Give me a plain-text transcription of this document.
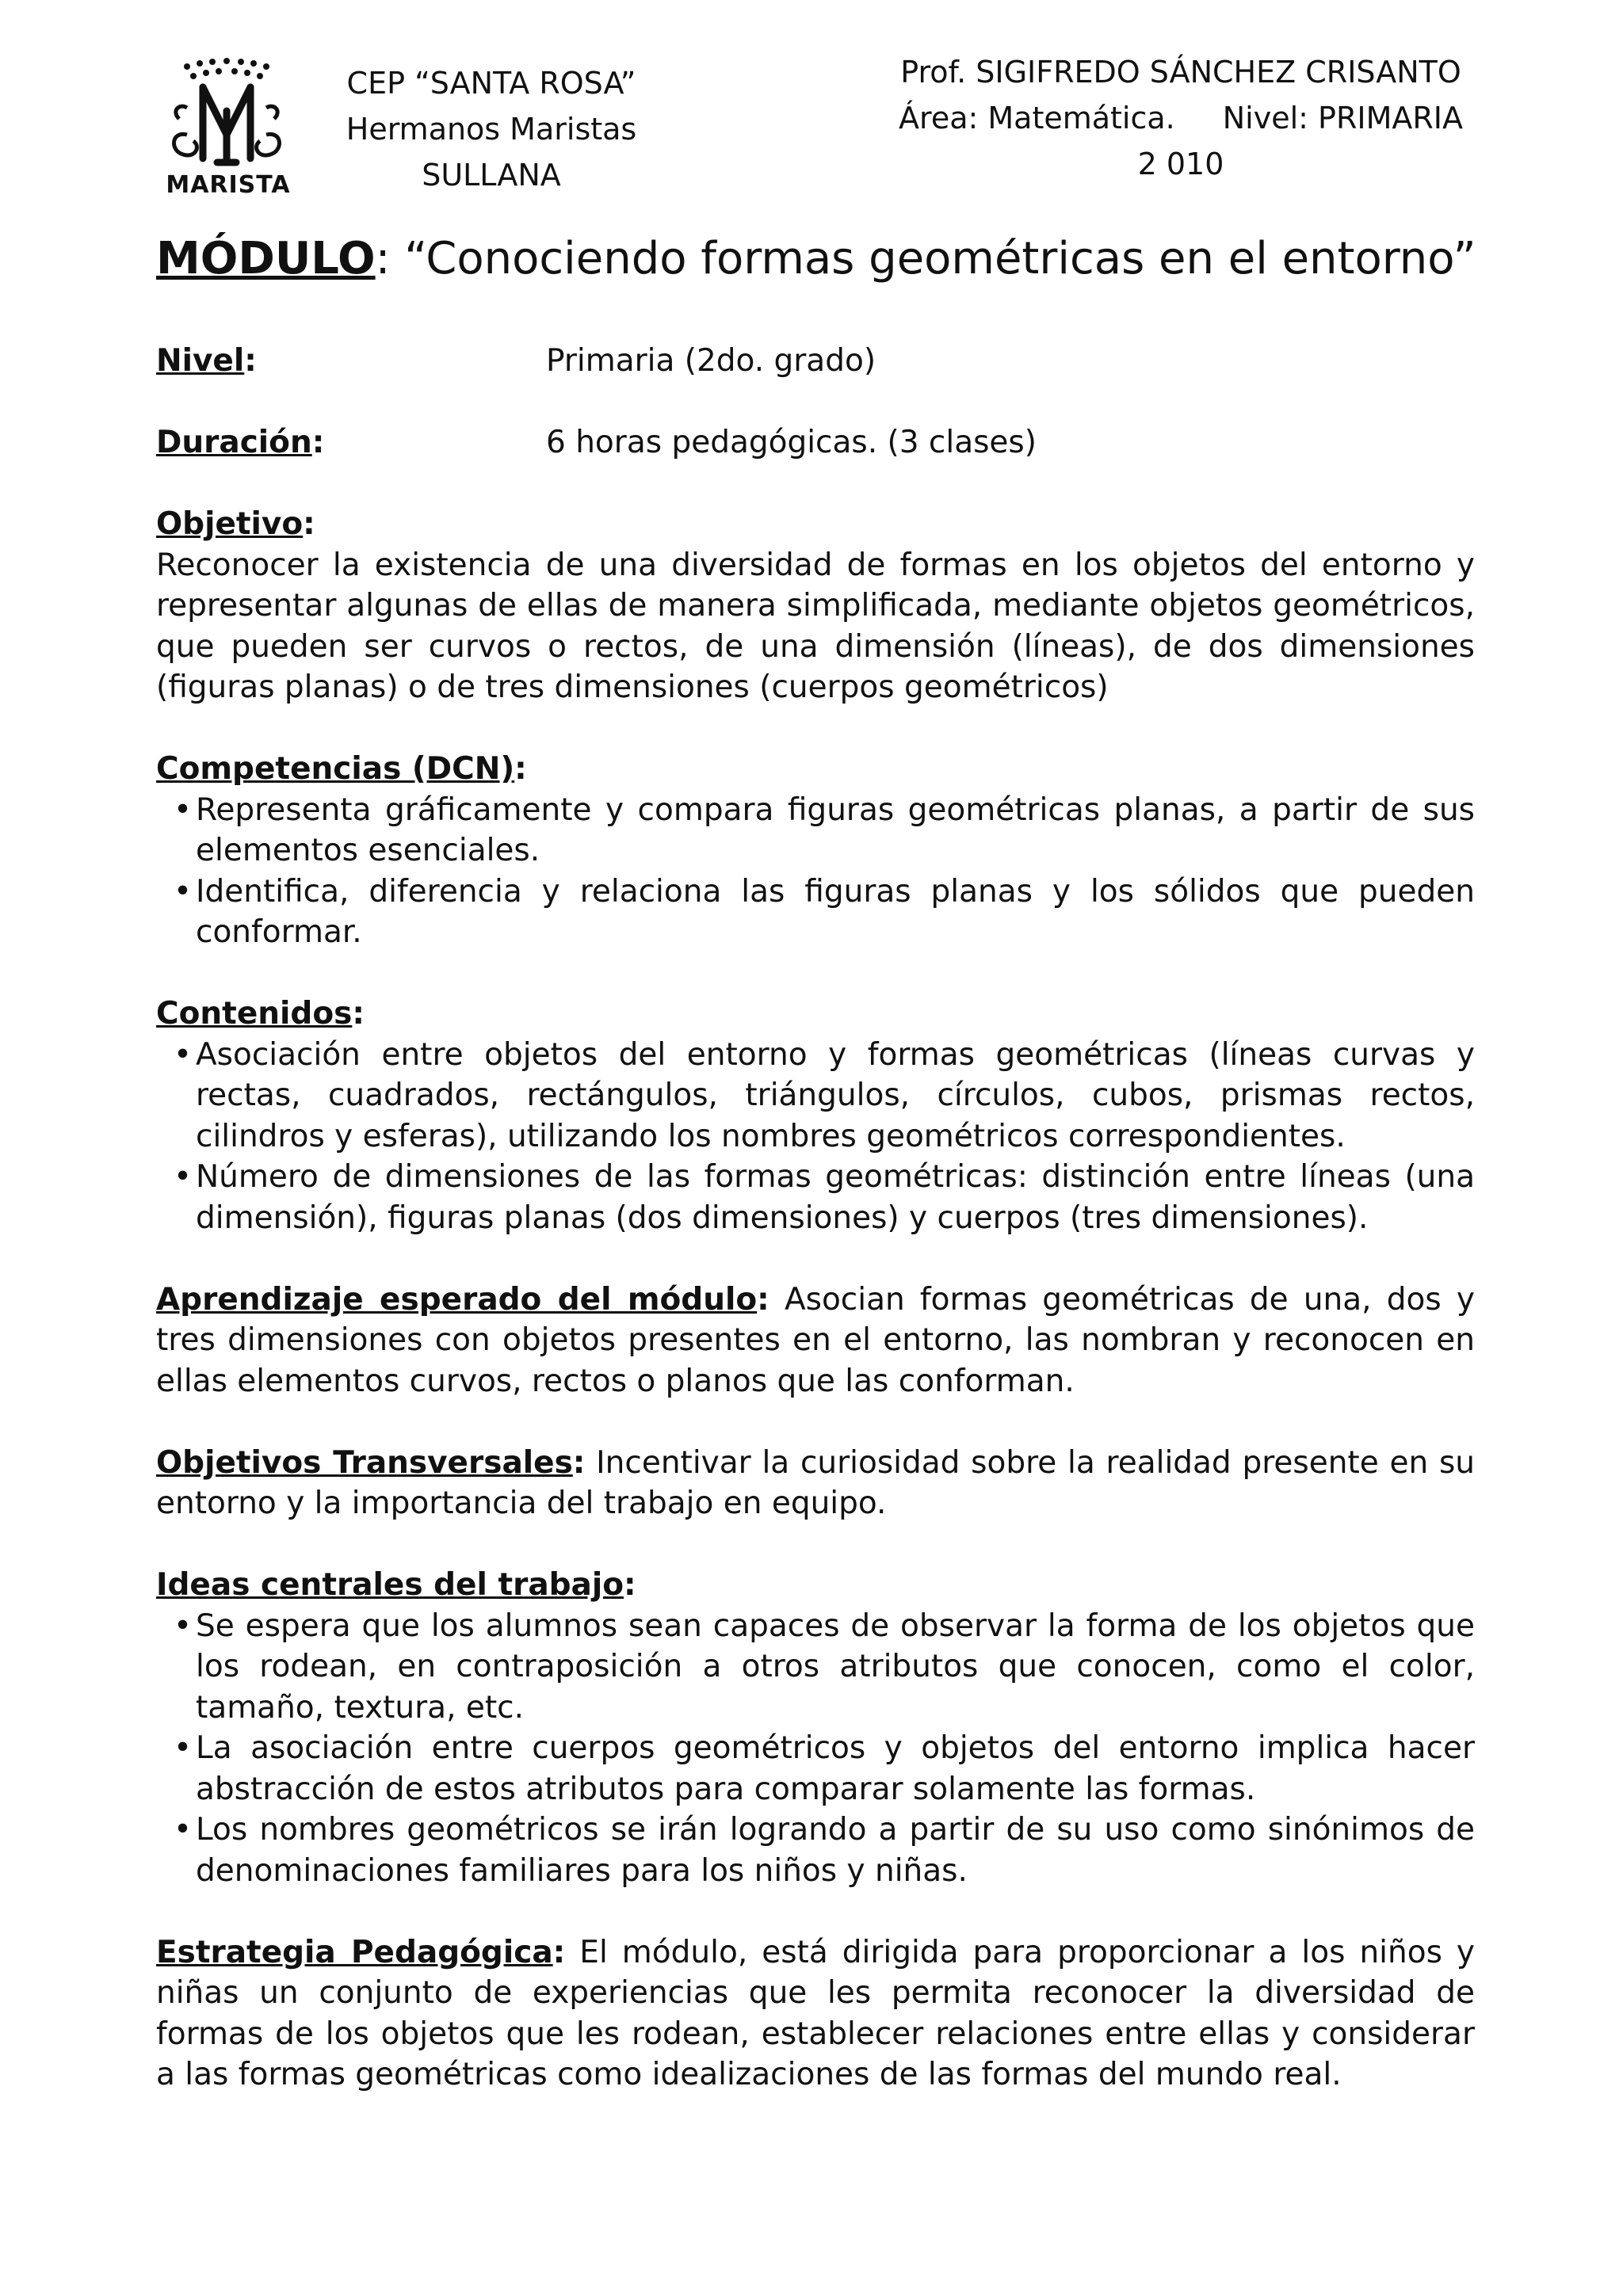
MARISTA
CEP “SANTA ROSA”
Hermanos Maristas
SULLANA
Prof. SIGIFREDO SÁNCHEZ CRISANTO
Área: Matemática. Nivel: PRIMARIA
2 010
MÓDULO: “Conociendo formas geométricas en el entorno”
Nivel:	Primaria (2do. grado)
Duración:	6 horas pedagógicas. (3 clases)
Objetivo:

Reconocer la existencia de una diversidad de formas en los objetos del entorno y representar algunas de ellas de manera simplificada, mediante objetos geométricos, que pueden ser curvos o rectos, de una dimensión (líneas), de dos dimensiones (figuras planas) o de tres dimensiones (cuerpos geométricos)

Competencias (DCN):
• Representa gráficamente y compara figuras geométricas planas, a partir de sus elementos esenciales.
• Identifica, diferencia y relaciona las figuras planas y los sólidos que pueden conformar.
Contenidos:
• Asociación entre objetos del entorno y formas geométricas (líneas curvas y rectas, cuadrados, rectángulos, triángulos, círculos, cubos, prismas rectos, cilindros y esferas), utilizando los nombres geométricos correspondientes.
• Número de dimensiones de las formas geométricas: distinción entre líneas (una dimensión), figuras planas (dos dimensiones) y cuerpos (tres dimensiones).

Aprendizaje esperado del módulo: Asocian formas geométricas de una, dos y tres dimensiones con objetos presentes en el entorno, las nombran y reconocen en ellas elementos curvos, rectos o planos que las conforman.

Objetivos Transversales: Incentivar la curiosidad sobre la realidad presente en su entorno y la importancia del trabajo en equipo.

Ideas centrales del trabajo:
• Se espera que los alumnos sean capaces de observar la forma de los objetos que los rodean, en contraposición a otros atributos que conocen, como el color, tamaño, textura, etc.
• La asociación entre cuerpos geométricos y objetos del entorno implica hacer abstracción de estos atributos para comparar solamente las formas.
• Los nombres geométricos se irán logrando a partir de su uso como sinónimos de denominaciones familiares para los niños y niñas.

Estrategia Pedagógica: El módulo, está dirigida para proporcionar a los niños y niñas un conjunto de experiencias que les permita reconocer la diversidad de formas de los objetos que les rodean, establecer relaciones entre ellas y considerar a las formas geométricas como idealizaciones de las formas del mundo real.
